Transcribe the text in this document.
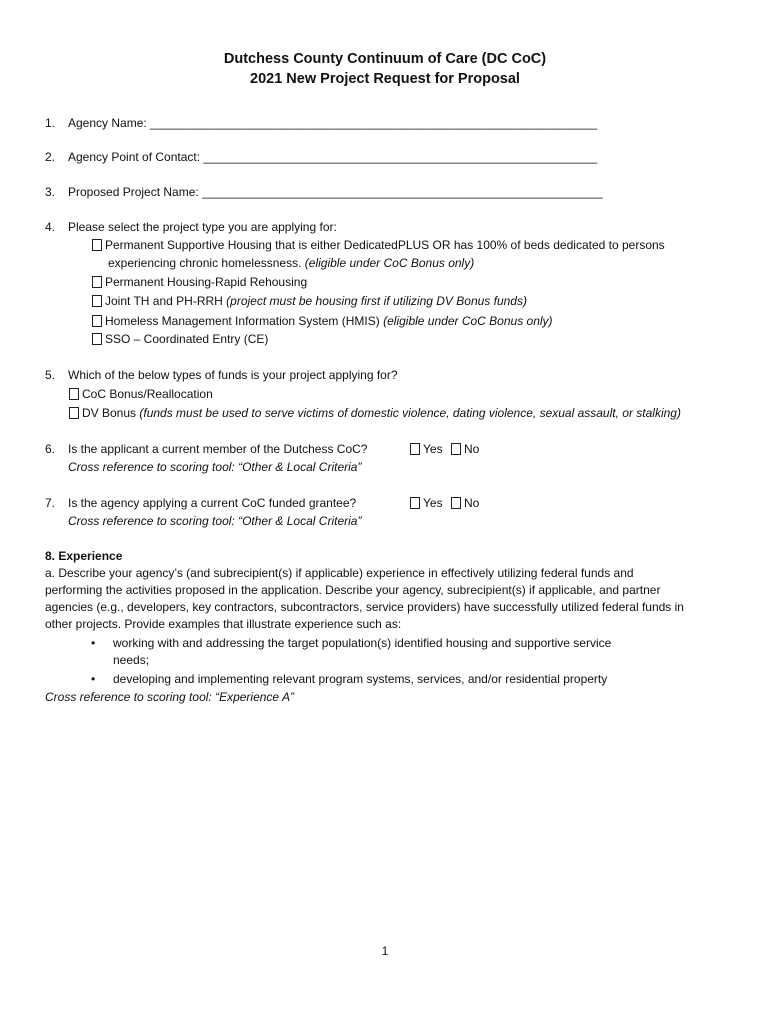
Dutchess County Continuum of Care (DC CoC)
2021 New Project Request for Proposal
1. Agency Name: ___________________________________________________________________
2. Agency Point of Contact: ___________________________________________________________
3. Proposed Project Name: ____________________________________________________________
4. Please select the project type you are applying for:
Permanent Supportive Housing that is either DedicatedPLUS OR has 100% of beds dedicated to persons
experiencing chronic homelessness. (eligible under CoC Bonus only)
Permanent Housing-Rapid Rehousing
Joint TH and PH-RRH (project must be housing first if utilizing DV Bonus funds)
Homeless Management Information System (HMIS) (eligible under CoC Bonus only)
SSO – Coordinated Entry (CE)
5. Which of the below types of funds is your project applying for?
CoC Bonus/Reallocation
DV Bonus (funds must be used to serve victims of domestic violence, dating violence, sexual assault, or stalking)
6. Is the applicant a current member of the Dutchess CoC?
Cross reference to scoring tool: “Other & Local Criteria”
Yes	No
7. Is the agency applying a current CoC funded grantee?
Cross reference to scoring tool: “Other & Local Criteria”
Yes	No
8. Experience
a. Describe your agency’s (and subrecipient(s) if applicable) experience in effectively utilizing federal funds and
performing the activities proposed in the application. Describe your agency, subrecipient(s) if applicable, and partner
agencies (e.g., developers, key contractors, subcontractors, service providers) have successfully utilized federal funds in
other projects. Provide examples that illustrate experience such as:
• working with and addressing the target population(s) identified housing and supportive service
needs;
• developing and implementing relevant program systems, services, and/or residential property
Cross reference to scoring tool: “Experience A”
1
